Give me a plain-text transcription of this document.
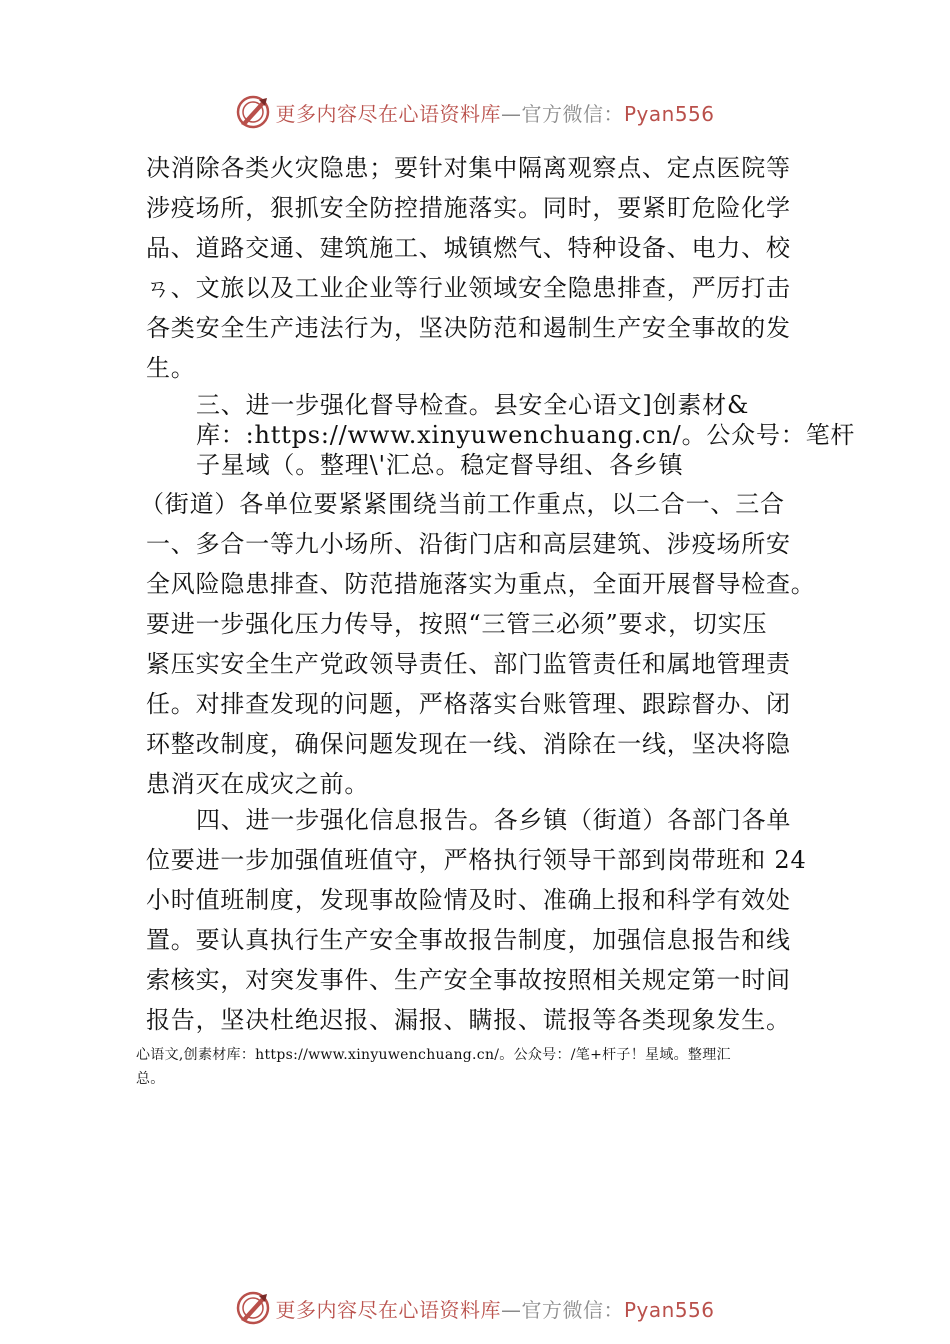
更多内容尽在心语资料库—官方微信：Pyan556
决消除各类火灾隐患；要针对集中隔离观察点、定点医院等
涉疫场所，狠抓安全防控措施落实。同时，要紧盯危险化学
品、道路交通、建筑施工、城镇燃气、特种设备、电力、校
ㄢ、文旅以及工业企业等行业领域安全隐患排查，严厉打击
各类安全生产违法行为，坚决防范和遏制生产安全事故的发
生。
三、进一步强化督导检查。县安全心语文]创素材&
库：:https://www.xinyuwenchuang.cn/。公众号：笔杆
子星域（。整理\'汇总。稳定督导组、各乡镇
（街道）各单位要紧紧围绕当前工作重点，以二合一、三合
一、多合一等九小场所、沿街门店和高层建筑、涉疫场所安
全风险隐患排查、防范措施落实为重点，全面开展督导检查。
要进一步强化压力传导，按照“三管三必须”要求，切实压
紧压实安全生产党政领导责任、部门监管责任和属地管理责
任。对排查发现的问题，严格落实台账管理、跟踪督办、闭
环整改制度，确保问题发现在一线、消除在一线，坚决将隐
患消灭在成灾之前。
四、进一步强化信息报告。各乡镇（街道）各部门各单
位要进一步加强值班值守，严格执行领导干部到岗带班和 24
小时值班制度，发现事故险情及时、准确上报和科学有效处
置。要认真执行生产安全事故报告制度，加强信息报告和线
索核实，对突发事件、生产安全事故按照相关规定第一时间
报告，坚决杜绝迟报、漏报、瞒报、谎报等各类现象发生。
心语文,创素材库：https://www.xinyuwenchuang.cn/。公众号：/笔+杆子！星域。整理汇
总。
更多内容尽在心语资料库—官方微信：Pyan556
